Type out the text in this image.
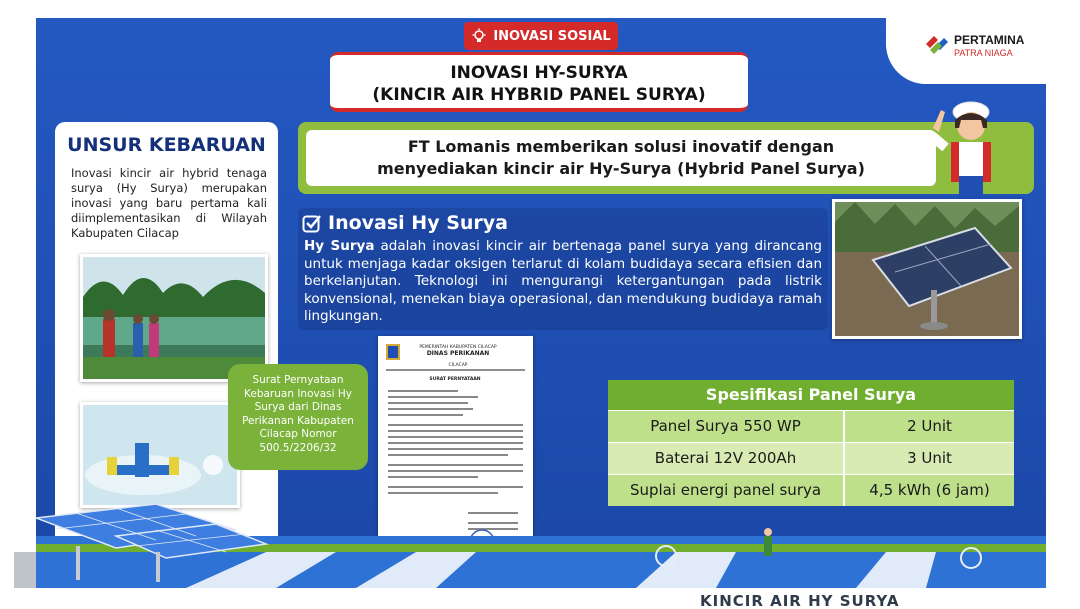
PERTAMINA
PATRA NIAGA
INOVASI SOSIAL
INOVASI HY-SURYA
(KINCIR AIR HYBRID PANEL SURYA)
UNSUR KEBARUAN
Inovasi kincir air hybrid tenaga surya (Hy Surya) merupakan inovasi yang baru pertama kali diimplementasikan di Wilayah Kabupaten Cilacap
Surat Pernyataan Kebaruan Inovasi Hy Surya dari Dinas Perikanan Kabupaten Cilacap Nomor 500.5/2206/32
FT Lomanis memberikan solusi inovatif dengan
menyediakan kincir air Hy-Surya (Hybrid Panel Surya)
Inovasi Hy Surya
Hy Surya adalah inovasi kincir air bertenaga panel surya yang dirancang untuk menjaga kadar oksigen terlarut di kolam budidaya secara efisien dan berkelanjutan. Teknologi ini mengurangi ketergantungan pada listrik konvensional, menekan biaya operasional, dan mendukung budidaya ramah lingkungan.
PEMERINTAH KABUPATEN CILACAP
DINAS PERIKANAN
CILACAP
SURAT PERNYATAAN
Spesifikasi Panel Surya
Panel Surya 550 WP	2 Unit
Baterai 12V 200Ah	3 Unit
Suplai energi panel surya	4,5 kWh (6 jam)
KINCIR AIR HY SURYA
